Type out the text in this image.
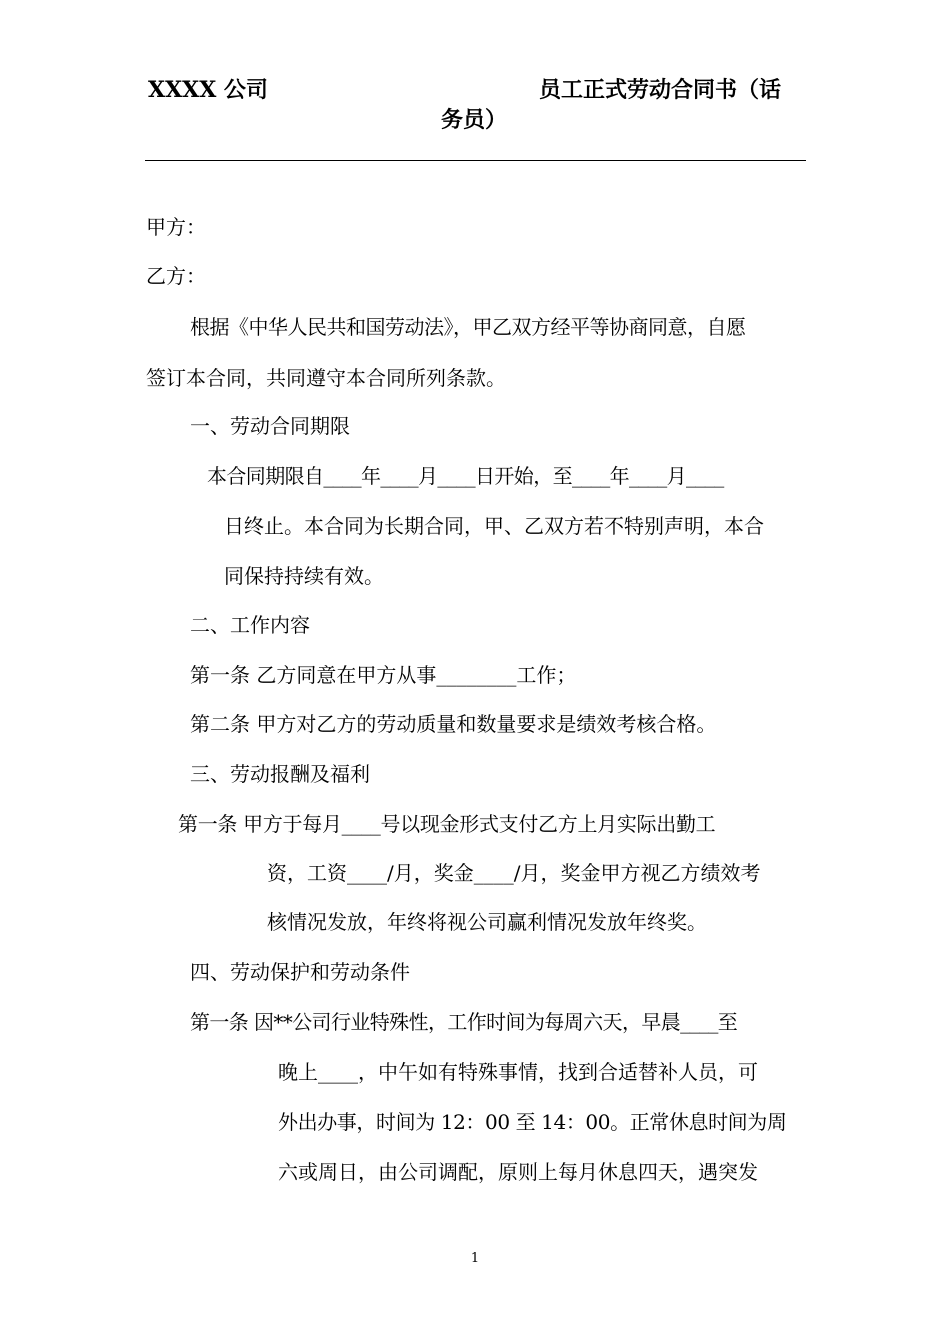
XXXX 公司	员工正式劳动合同书（话
务员）
甲方：
乙方：
根据《中华人民共和国劳动法》，甲乙双方经平等协商同意，自愿
签订本合同，共同遵守本合同所列条款。
一、劳动合同期限
本合同期限自____年____月____日开始，至____年____月____
日终止。本合同为长期合同，甲、乙双方若不特别声明，本合
同保持持续有效。
二、工作内容
第一条 乙方同意在甲方从事________工作；
第二条 甲方对乙方的劳动质量和数量要求是绩效考核合格。
三、劳动报酬及福利
第一条 甲方于每月____号以现金形式支付乙方上月实际出勤工
资，工资____/月，奖金____/月，奖金甲方视乙方绩效考
核情况发放，年终将视公司赢利情况发放年终奖。
四、劳动保护和劳动条件
第一条 因**公司行业特殊性，工作时间为每周六天，早晨____至
晚上____，中午如有特殊事情，找到合适替补人员，可
外出办事，时间为 12：00 至 14：00。正常休息时间为周
六或周日，由公司调配，原则上每月休息四天，遇突发
1
